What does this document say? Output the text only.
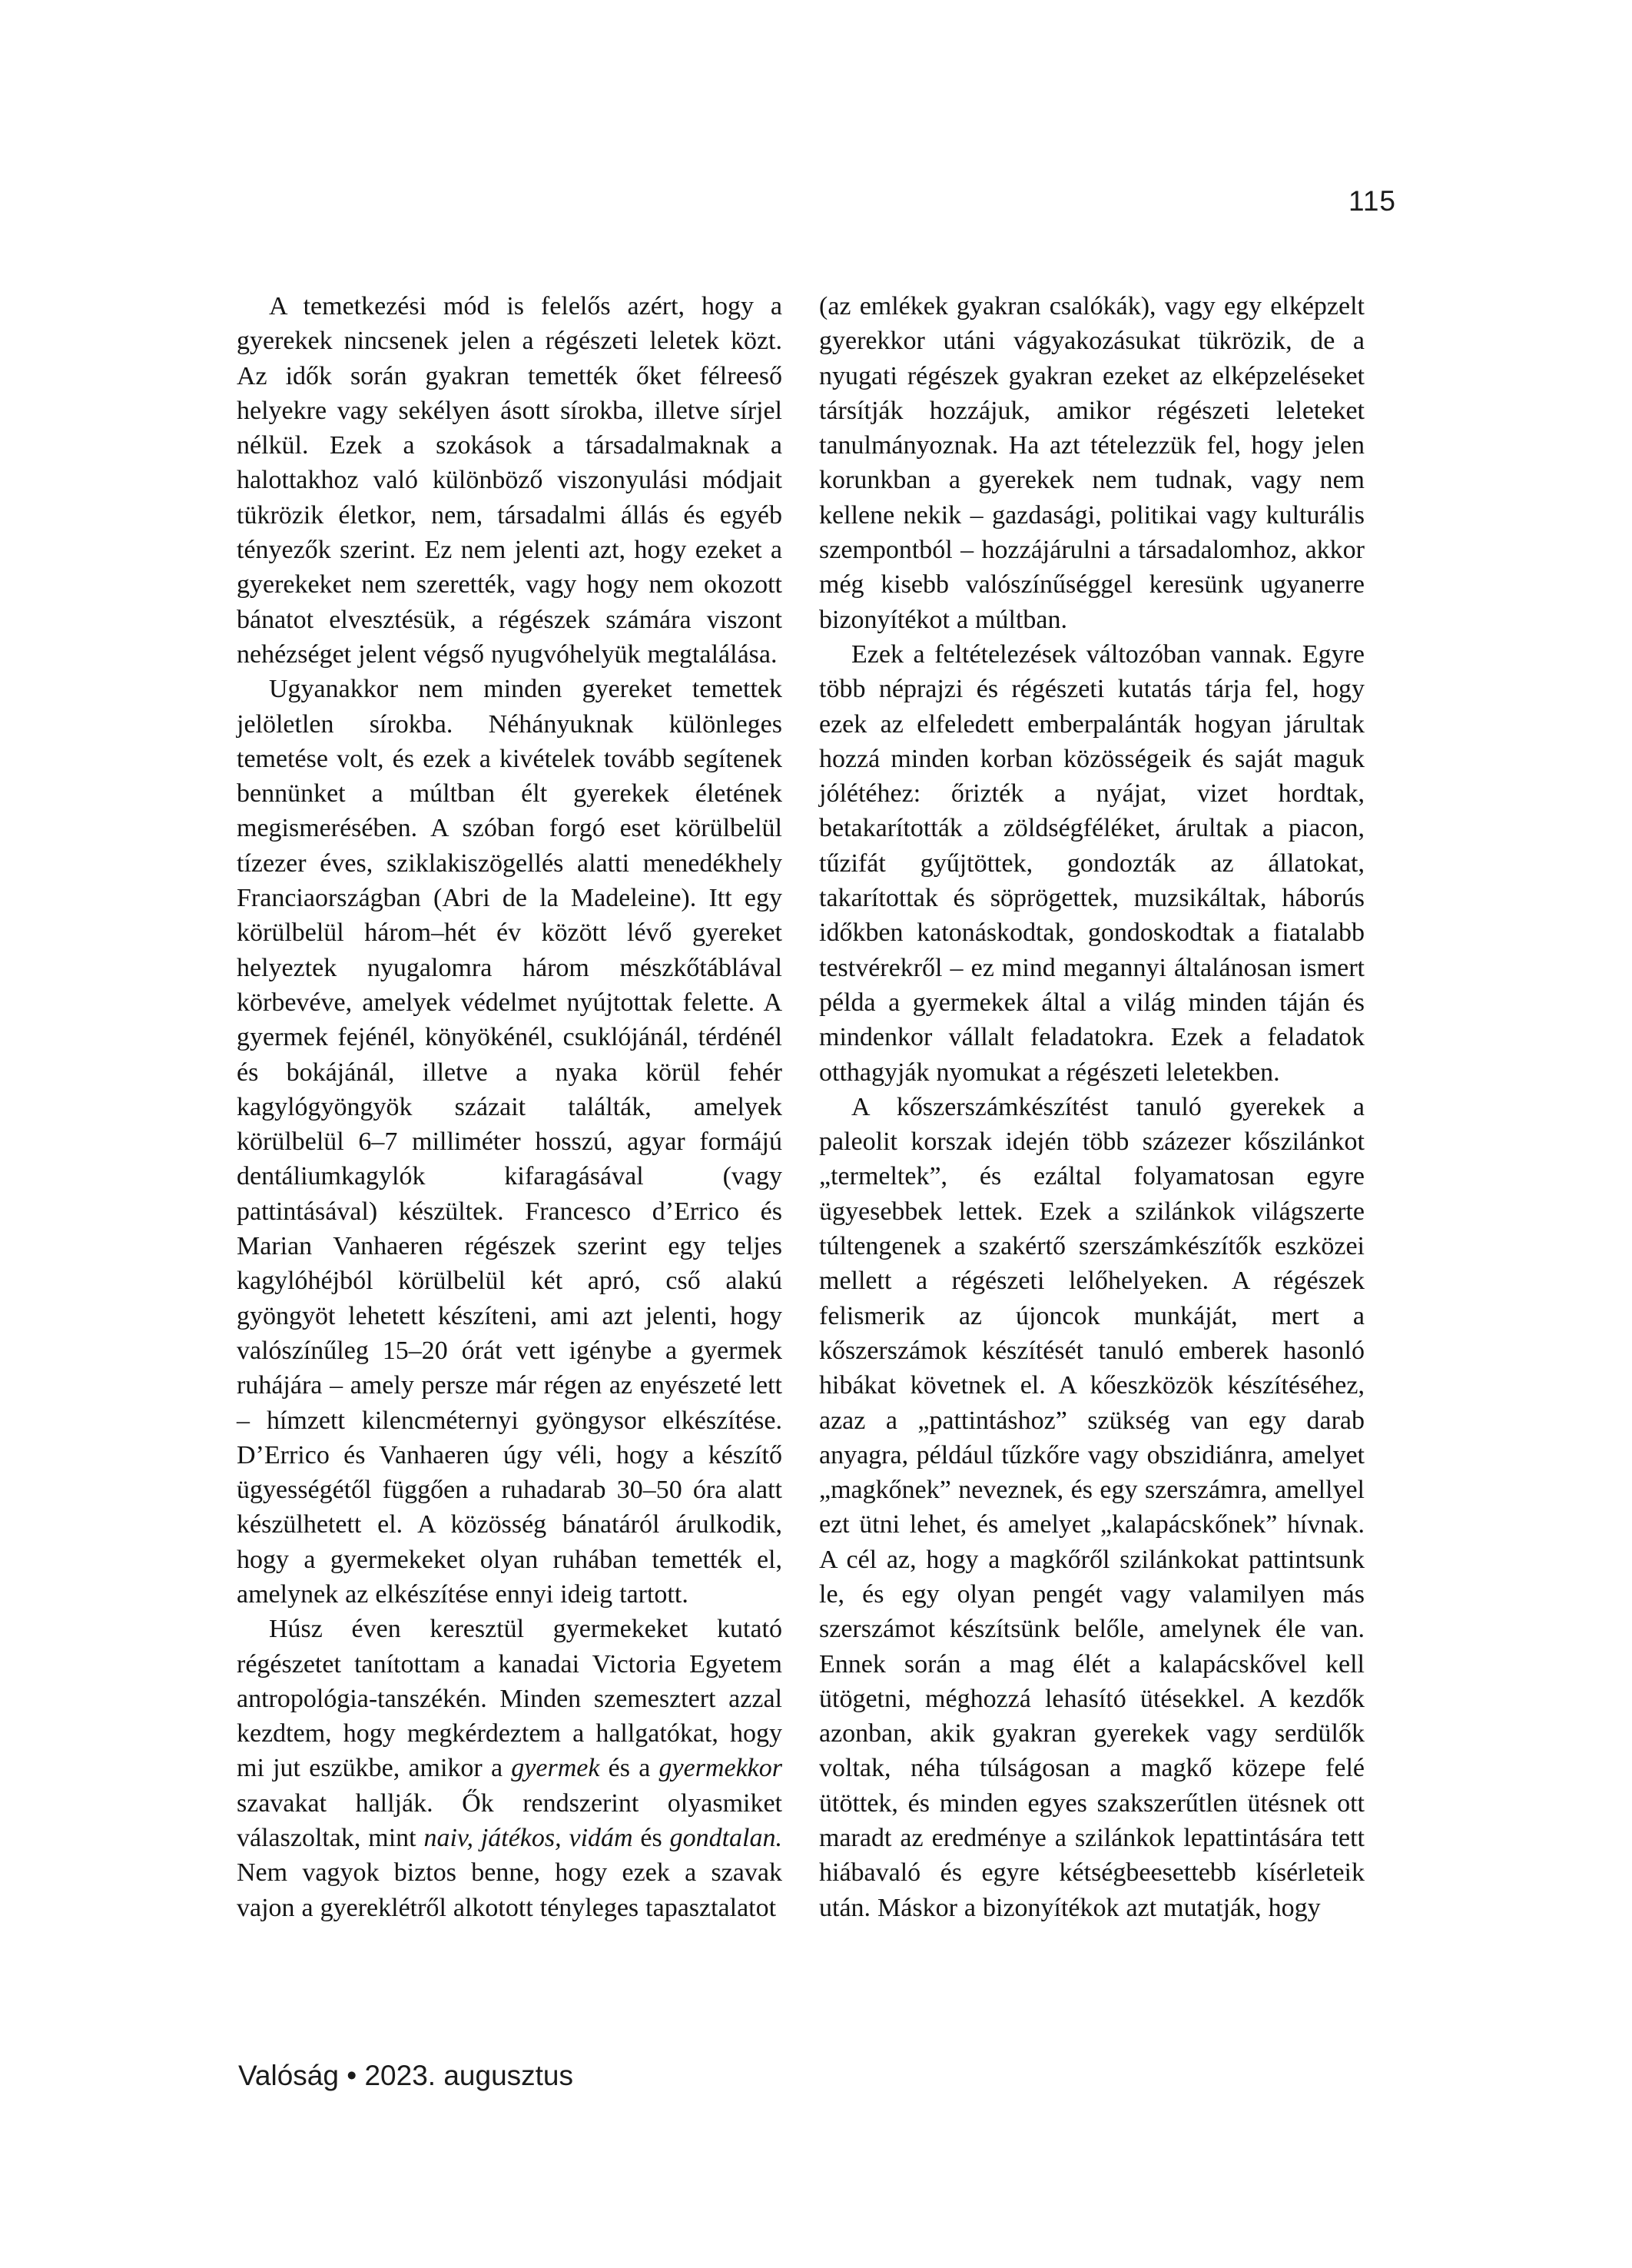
115

A temetkezési mód is felelős azért, hogy a gyerekek nincsenek jelen a régészeti leletek közt. Az idők során gyakran temették őket félreeső helyekre vagy sekélyen ásott sírokba, illetve sírjel nélkül. Ezek a szokások a társadalmaknak a halottakhoz való különböző viszonyulási módjait tükrözik életkor, nem, társadalmi állás és egyéb tényezők szerint. Ez nem jelenti azt, hogy ezeket a gyerekeket nem szerették, vagy hogy nem okozott bánatot elvesztésük, a régészek számára viszont nehézséget jelent végső nyugvóhelyük megtalálása.

Ugyanakkor nem minden gyereket temettek jelöletlen sírokba. Néhányuknak különleges temetése volt, és ezek a kivételek tovább segítenek bennünket a múltban élt gyerekek életének megismerésében. A szóban forgó eset körülbelül tízezer éves, sziklakiszögellés alatti menedékhely Franciaországban (Abri de la Madeleine). Itt egy körülbelül három–hét év között lévő gyereket helyeztek nyugalomra három mészkőtáblával körbevéve, amelyek védelmet nyújtottak felette. A gyermek fejénél, könyökénél, csuklójánál, térdénél és bokájánál, illetve a nyaka körül fehér kagylógyöngyök százait találták, amelyek körülbelül 6–7 milliméter hosszú, agyar formájú dentáliumkagylók kifaragásával (vagy pattintásával) készültek. Francesco d’Errico és Marian Vanhaeren régészek szerint egy teljes kagylóhéjból körülbelül két apró, cső alakú gyöngyöt lehetett készíteni, ami azt jelenti, hogy valószínűleg 15–20 órát vett igénybe a gyermek ruhájára – amely persze már régen az enyészeté lett – hímzett kilencméternyi gyöngysor elkészítése. D’Errico és Vanhaeren úgy véli, hogy a készítő ügyességétől függően a ruhadarab 30–50 óra alatt készülhetett el. A közösség bánatáról árulkodik, hogy a gyermekeket olyan ruhában temették el, amelynek az elkészítése ennyi ideig tartott.

Húsz éven keresztül gyermekeket kutató régészetet tanítottam a kanadai Victoria Egyetem antropológia-tanszékén. Minden szemesztert azzal kezdtem, hogy megkérdeztem a hallgatókat, hogy mi jut eszükbe, amikor a gyermek és a gyermekkor szavakat hallják. Ők rendszerint olyasmiket válaszoltak, mint naiv, játékos, vidám és gondtalan. Nem vagyok biztos benne, hogy ezek a szavak vajon a gyereklétről alkotott tényleges tapasztalatot

(az emlékek gyakran csalókák), vagy egy elképzelt gyerekkor utáni vágyakozásukat tükrözik, de a nyugati régészek gyakran ezeket az elképzeléseket társítják hozzájuk, amikor régészeti leleteket tanulmányoznak. Ha azt tételezzük fel, hogy jelen korunkban a gyerekek nem tudnak, vagy nem kellene nekik – gazdasági, politikai vagy kulturális szempontból – hozzájárulni a társadalomhoz, akkor még kisebb valószínűséggel keresünk ugyanerre bizonyítékot a múltban.

Ezek a feltételezések változóban vannak. Egyre több néprajzi és régészeti kutatás tárja fel, hogy ezek az elfeledett emberpalánták hogyan járultak hozzá minden korban közösségeik és saját maguk jólétéhez: őrizték a nyájat, vizet hordtak, betakarították a zöldségféléket, árultak a piacon, tűzifát gyűjtöttek, gondozták az állatokat, takarítottak és söprögettek, muzsikáltak, háborús időkben katonáskodtak, gondoskodtak a fiatalabb testvérekről – ez mind megannyi általánosan ismert példa a gyermekek által a világ minden táján és mindenkor vállalt feladatokra. Ezek a feladatok otthagyják nyomukat a régészeti leletekben.

A kőszerszámkészítést tanuló gyerekek a paleolit korszak idején több százezer kőszilánkot „termeltek”, és ezáltal folyamatosan egyre ügyesebbek lettek. Ezek a szilánkok világszerte túltengenek a szakértő szerszámkészítők eszközei mellett a régészeti lelőhelyeken. A régészek felismerik az újoncok munkáját, mert a kőszerszámok készítését tanuló emberek hasonló hibákat követnek el. A kőeszközök készítéséhez, azaz a „pattintáshoz” szükség van egy darab anyagra, például tűzkőre vagy obszidiánra, amelyet „magkőnek” neveznek, és egy szerszámra, amellyel ezt ütni lehet, és amelyet „kalapácskőnek” hívnak. A cél az, hogy a magkőről szilánkokat pattintsunk le, és egy olyan pengét vagy valamilyen más szerszámot készítsünk belőle, amelynek éle van. Ennek során a mag élét a kalapácskővel kell ütögetni, méghozzá lehasító ütésekkel. A kezdők azonban, akik gyakran gyerekek vagy serdülők voltak, néha túlságosan a magkő közepe felé ütöttek, és minden egyes szakszerűtlen ütésnek ott maradt az eredménye a szilánkok lepattintására tett hiábavaló és egyre kétségbeesettebb kísérleteik után. Máskor a bizonyítékok azt mutatják, hogy

Valóság • 2023. augusztus
